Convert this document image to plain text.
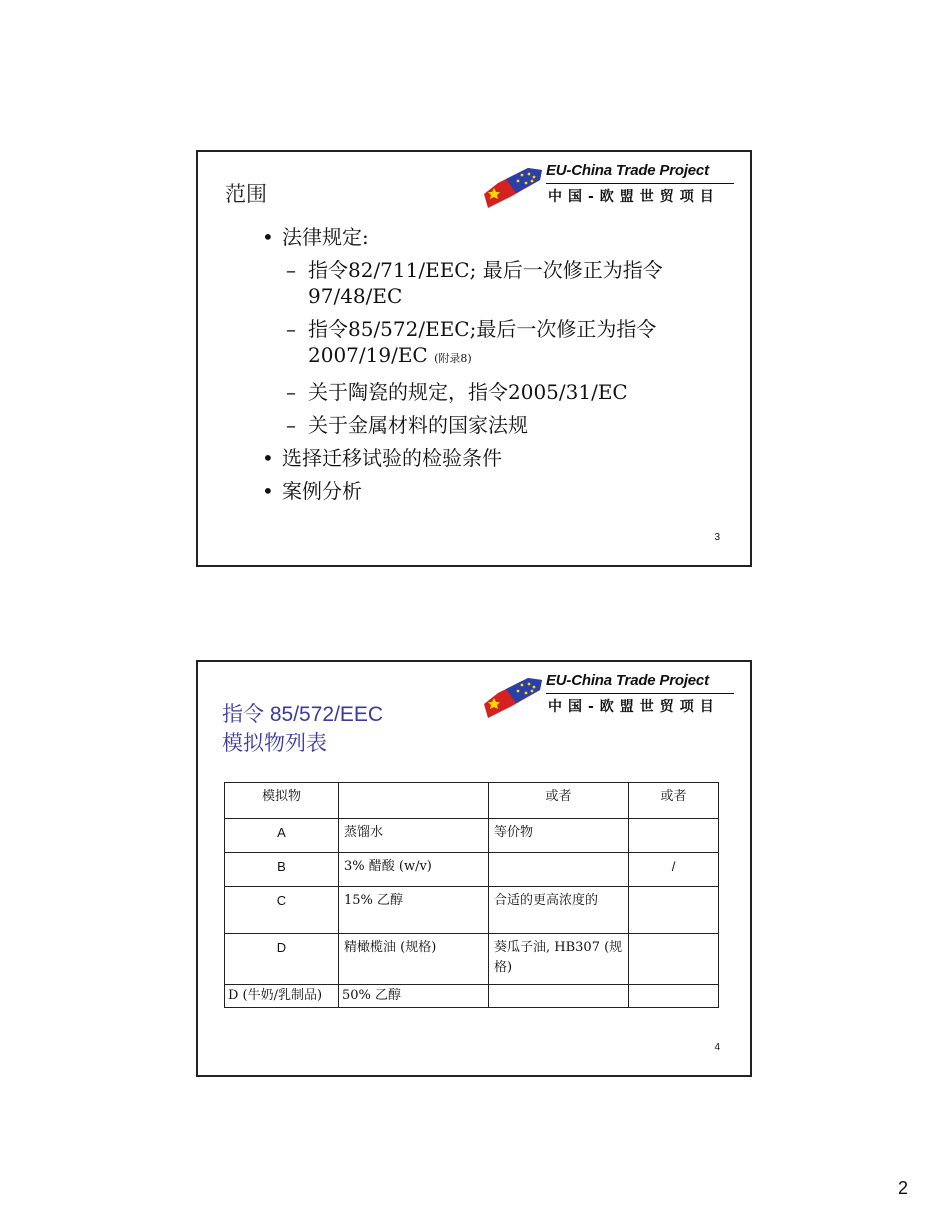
EU-China Trade Project
中国-欧盟世贸项目
范围
• 法律规定:
– 指令82/711/EEC; 最后一次修正为指令97/48/EC
– 指令85/572/EEC;最后一次修正为指令2007/19/EC (附录8)
– 关于陶瓷的规定，指令2005/31/EC
– 关于金属材料的国家法规
• 选择迁移试验的检验条件
• 案例分析
3
EU-China Trade Project
中国-欧盟世贸项目
指令 85/572/EEC
模拟物列表
模拟物		或者	或者
A	蒸馏水	等价物	
B	3% 醋酸 (w/v)		/
C	15% 乙醇	合适的更高浓度的	
D	精橄榄油 (规格)	葵瓜子油, HB307 (规格)	
D (牛奶/乳制品)	50% 乙醇		
4
2
